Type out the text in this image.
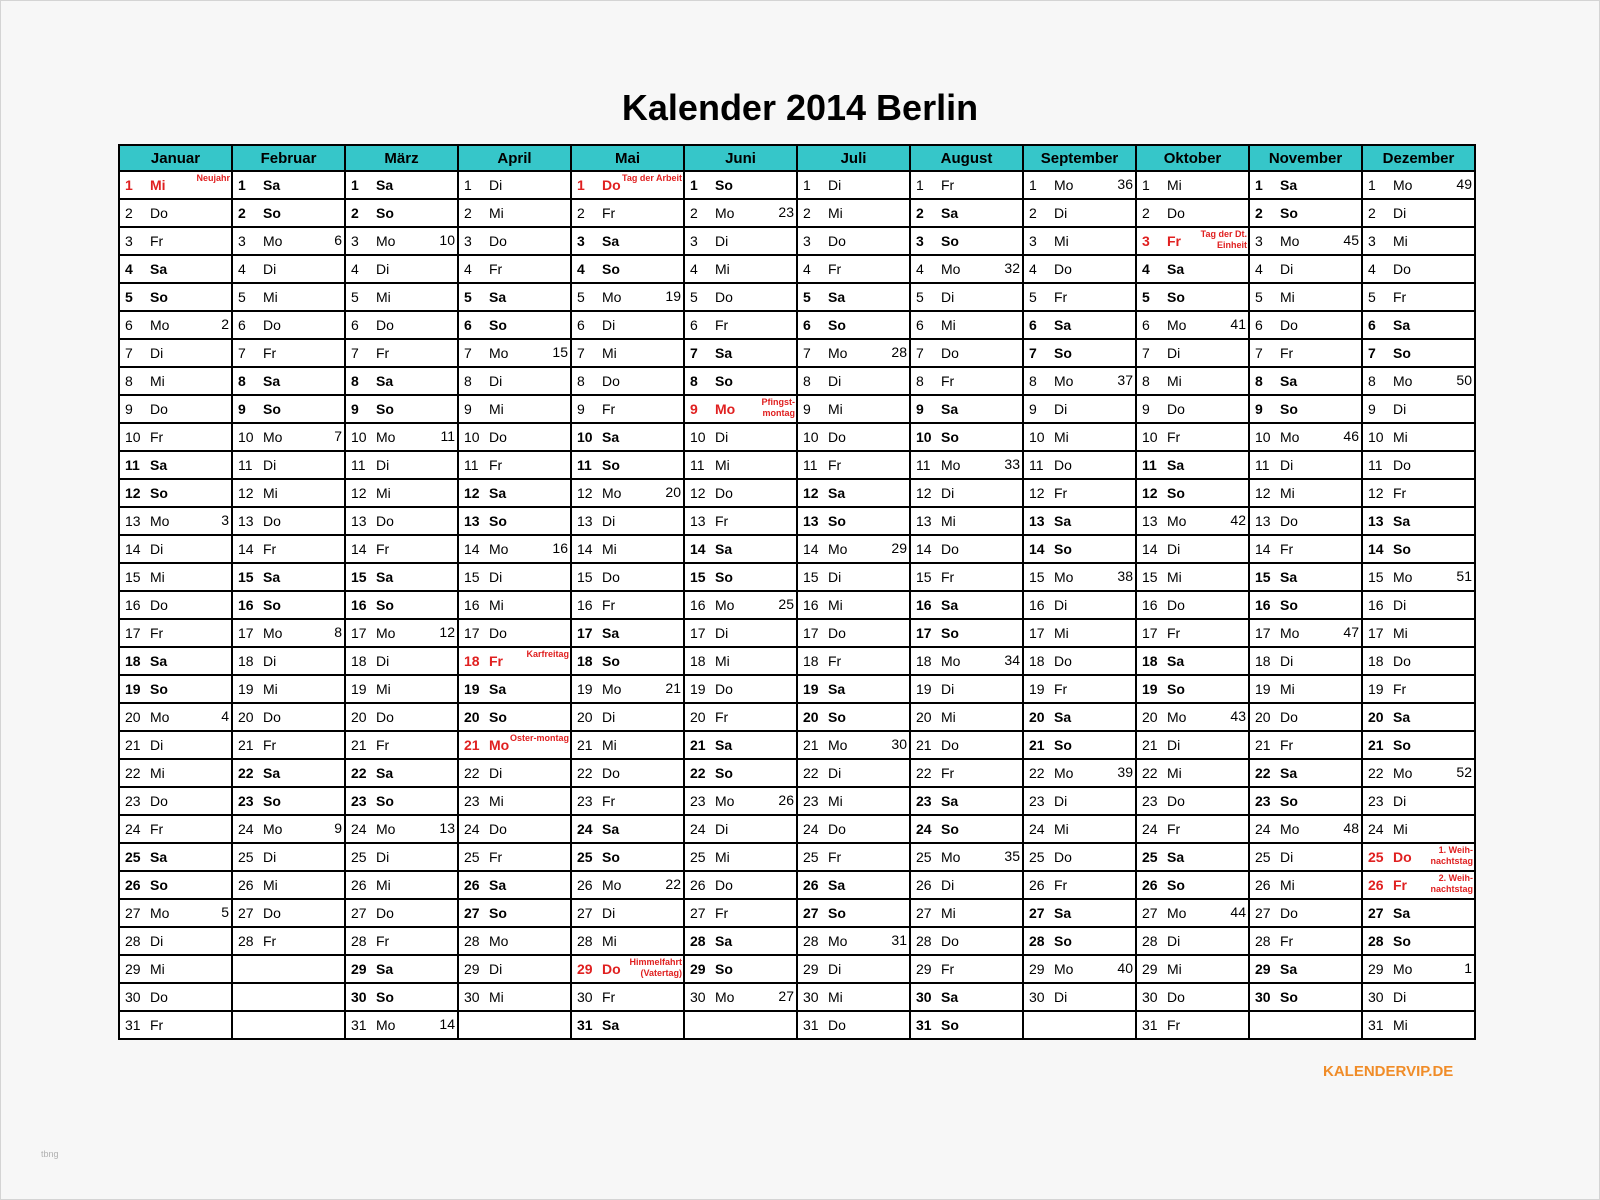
Kalender 2014 Berlin
Januar	Februar	März	April	Mai	Juni	Juli	August	September	Oktober	November	Dezember

1 Mi Neujahr	1 Sa	1 Sa	1 Di	1 Do Tag der Arbeit	1 So	1 Di	1 Fr	1 Mo 36	1 Mi	1 Sa	1 Mo 49

2 Do	2 So	2 So	2 Mi	2 Fr	2 Mo 23	2 Mi	2 Sa	2 Di	2 Do	2 So	2 Di

3 Fr	3 Mo 6	3 Mo 10	3 Do	3 Sa	3 Di	3 Do	3 So	3 Mi	3 Fr Tag der Dt. Einheit	3 Mo 45	3 Mi

4 Sa	4 Di	4 Di	4 Fr	4 So	4 Mi	4 Fr	4 Mo 32	4 Do	4 Sa	4 Di	4 Do

5 So	5 Mi	5 Mi	5 Sa	5 Mo 19	5 Do	5 Sa	5 Di	5 Fr	5 So	5 Mi	5 Fr

6 Mo 2	6 Do	6 Do	6 So	6 Di	6 Fr	6 So	6 Mi	6 Sa	6 Mo 41	6 Do	6 Sa

7 Di	7 Fr	7 Fr	7 Mo 15	7 Mi	7 Sa	7 Mo 28	7 Do	7 So	7 Di	7 Fr	7 So

8 Mi	8 Sa	8 Sa	8 Di	8 Do	8 So	8 Di	8 Fr	8 Mo 37	8 Mi	8 Sa	8 Mo 50

9 Do	9 So	9 So	9 Mi	9 Fr	9 Mo Pfingst-montag	9 Mi	9 Sa	9 Di	9 Do	9 So	9 Di

10 Fr	10 Mo 7	10 Mo 11	10 Do	10 Sa	10 Di	10 Do	10 So	10 Mi	10 Fr	10 Mo 46	10 Mi

11 Sa	11 Di	11 Di	11 Fr	11 So	11 Mi	11 Fr	11 Mo 33	11 Do	11 Sa	11 Di	11 Do

12 So	12 Mi	12 Mi	12 Sa	12 Mo 20	12 Do	12 Sa	12 Di	12 Fr	12 So	12 Mi	12 Fr

13 Mo 3	13 Do	13 Do	13 So	13 Di	13 Fr	13 So	13 Mi	13 Sa	13 Mo 42	13 Do	13 Sa

14 Di	14 Fr	14 Fr	14 Mo 16	14 Mi	14 Sa	14 Mo 29	14 Do	14 So	14 Di	14 Fr	14 So

15 Mi	15 Sa	15 Sa	15 Di	15 Do	15 So	15 Di	15 Fr	15 Mo 38	15 Mi	15 Sa	15 Mo 51

16 Do	16 So	16 So	16 Mi	16 Fr	16 Mo 25	16 Mi	16 Sa	16 Di	16 Do	16 So	16 Di

17 Fr	17 Mo 8	17 Mo 12	17 Do	17 Sa	17 Di	17 Do	17 So	17 Mi	17 Fr	17 Mo 47	17 Mi

18 Sa	18 Di	18 Di	18 Fr Karfreitag	18 So	18 Mi	18 Fr	18 Mo 34	18 Do	18 Sa	18 Di	18 Do

19 So	19 Mi	19 Mi	19 Sa	19 Mo 21	19 Do	19 Sa	19 Di	19 Fr	19 So	19 Mi	19 Fr

20 Mo 4	20 Do	20 Do	20 So	20 Di	20 Fr	20 So	20 Mi	20 Sa	20 Mo 43	20 Do	20 Sa

21 Di	21 Fr	21 Fr	21 Mo Oster-montag	21 Mi	21 Sa	21 Mo 30	21 Do	21 So	21 Di	21 Fr	21 So

22 Mi	22 Sa	22 Sa	22 Di	22 Do	22 So	22 Di	22 Fr	22 Mo 39	22 Mi	22 Sa	22 Mo 52

23 Do	23 So	23 So	23 Mi	23 Fr	23 Mo 26	23 Mi	23 Sa	23 Di	23 Do	23 So	23 Di

24 Fr	24 Mo 9	24 Mo 13	24 Do	24 Sa	24 Di	24 Do	24 So	24 Mi	24 Fr	24 Mo 48	24 Mi

25 Sa	25 Di	25 Di	25 Fr	25 So	25 Mi	25 Fr	25 Mo 35	25 Do	25 Sa	25 Di	25 Do 1. Weih-nachtstag

26 So	26 Mi	26 Mi	26 Sa	26 Mo 22	26 Do	26 Sa	26 Di	26 Fr	26 So	26 Mi	26 Fr 2. Weih-nachtstag

27 Mo 5	27 Do	27 Do	27 So	27 Di	27 Fr	27 So	27 Mi	27 Sa	27 Mo 44	27 Do	27 Sa

28 Di	28 Fr	28 Fr	28 Mo	28 Mi	28 Sa	28 Mo 31	28 Do	28 So	28 Di	28 Fr	28 So

29 Mi		29 Sa	29 Di	29 Do Himmelfahrt (Vatertag)	29 So	29 Di	29 Fr	29 Mo 40	29 Mi	29 Sa	29 Mo 1

30 Do		30 So	30 Mi	30 Fr	30 Mo 27	30 Mi	30 Sa	30 Di	30 Do	30 So	30 Di

31 Fr		31 Mo 14		31 Sa		31 Do	31 So		31 Fr		31 Mi
KALENDERVIP.DE
tbng
